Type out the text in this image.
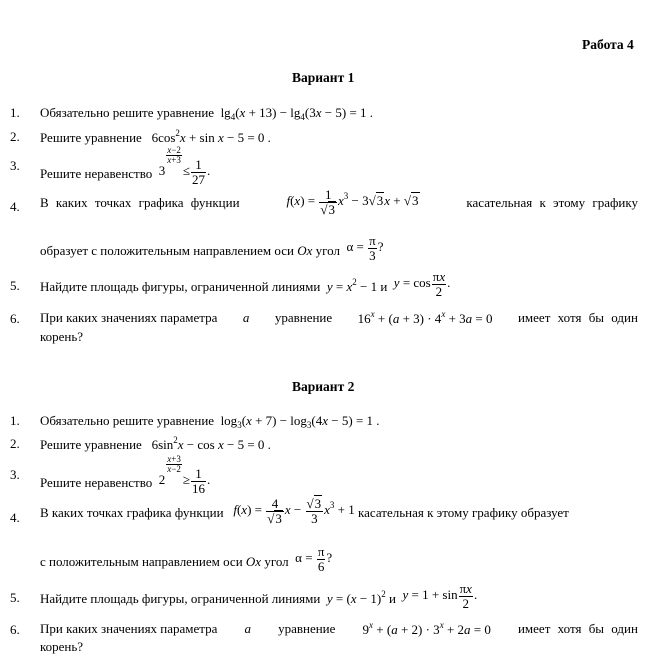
Работа 4
Вариант 1
1. Обязательно решите уравнение  $\lg_4(x + 13) - \lg_4(3x - 5) = 1$ .
2. Решите уравнение   $6\cos^2x + \sin x - 5 = 0$ .
3.
Решите неравенство  3
$\frac{x-2}{x+3}$
≤ $\frac{1}{27}$ .
4. В каких точках графика функции	$f(x) = \frac{1}{√3} x^3 - 3√3x + √3$	касательная к этому графику
образует с положительным направлением оси Ox угол  $\alpha = \frac{\pi}{3}$ ?
5. Найдите площадь фигуры, ограниченной линиями $y = x^2 - 1$ и $y = \cos \frac{\pi x}{2}$ .
6. При каких значениях параметра a уравнение $16^x + (a + 3) \cdot 4^x + 3a = 0$ имеет хотя бы один
корень?
Вариант 2
1. Обязательно решите уравнение  $\log_3(x + 7) - \log_3(4x - 5) = 1$ .
2. Решите уравнение   $6\sin^2x - \cos x - 5 = 0$ .
3.
Решите неравенство  2
$\frac{x+3}{x-2}$
≥ $\frac{1}{16}$ .
4. В каких точках графика функции $f(x) = \frac{4}{√3}$ $x - \frac{√3}{3} x^3 + 1$ касательная к этому графику образует
с положительным направлением оси Ox угол  $\alpha = \frac{\pi}{6}$ ?
5. Найдите площадь фигуры, ограниченной линиями $y = (x - 1)^2$ и $y = 1 + \sin \frac{\pi x}{2}$ .
6. При каких значениях параметра a уравнение $9^x + (a + 2) \cdot 3^x + 2a = 0$ имеет хотя бы один
корень?
